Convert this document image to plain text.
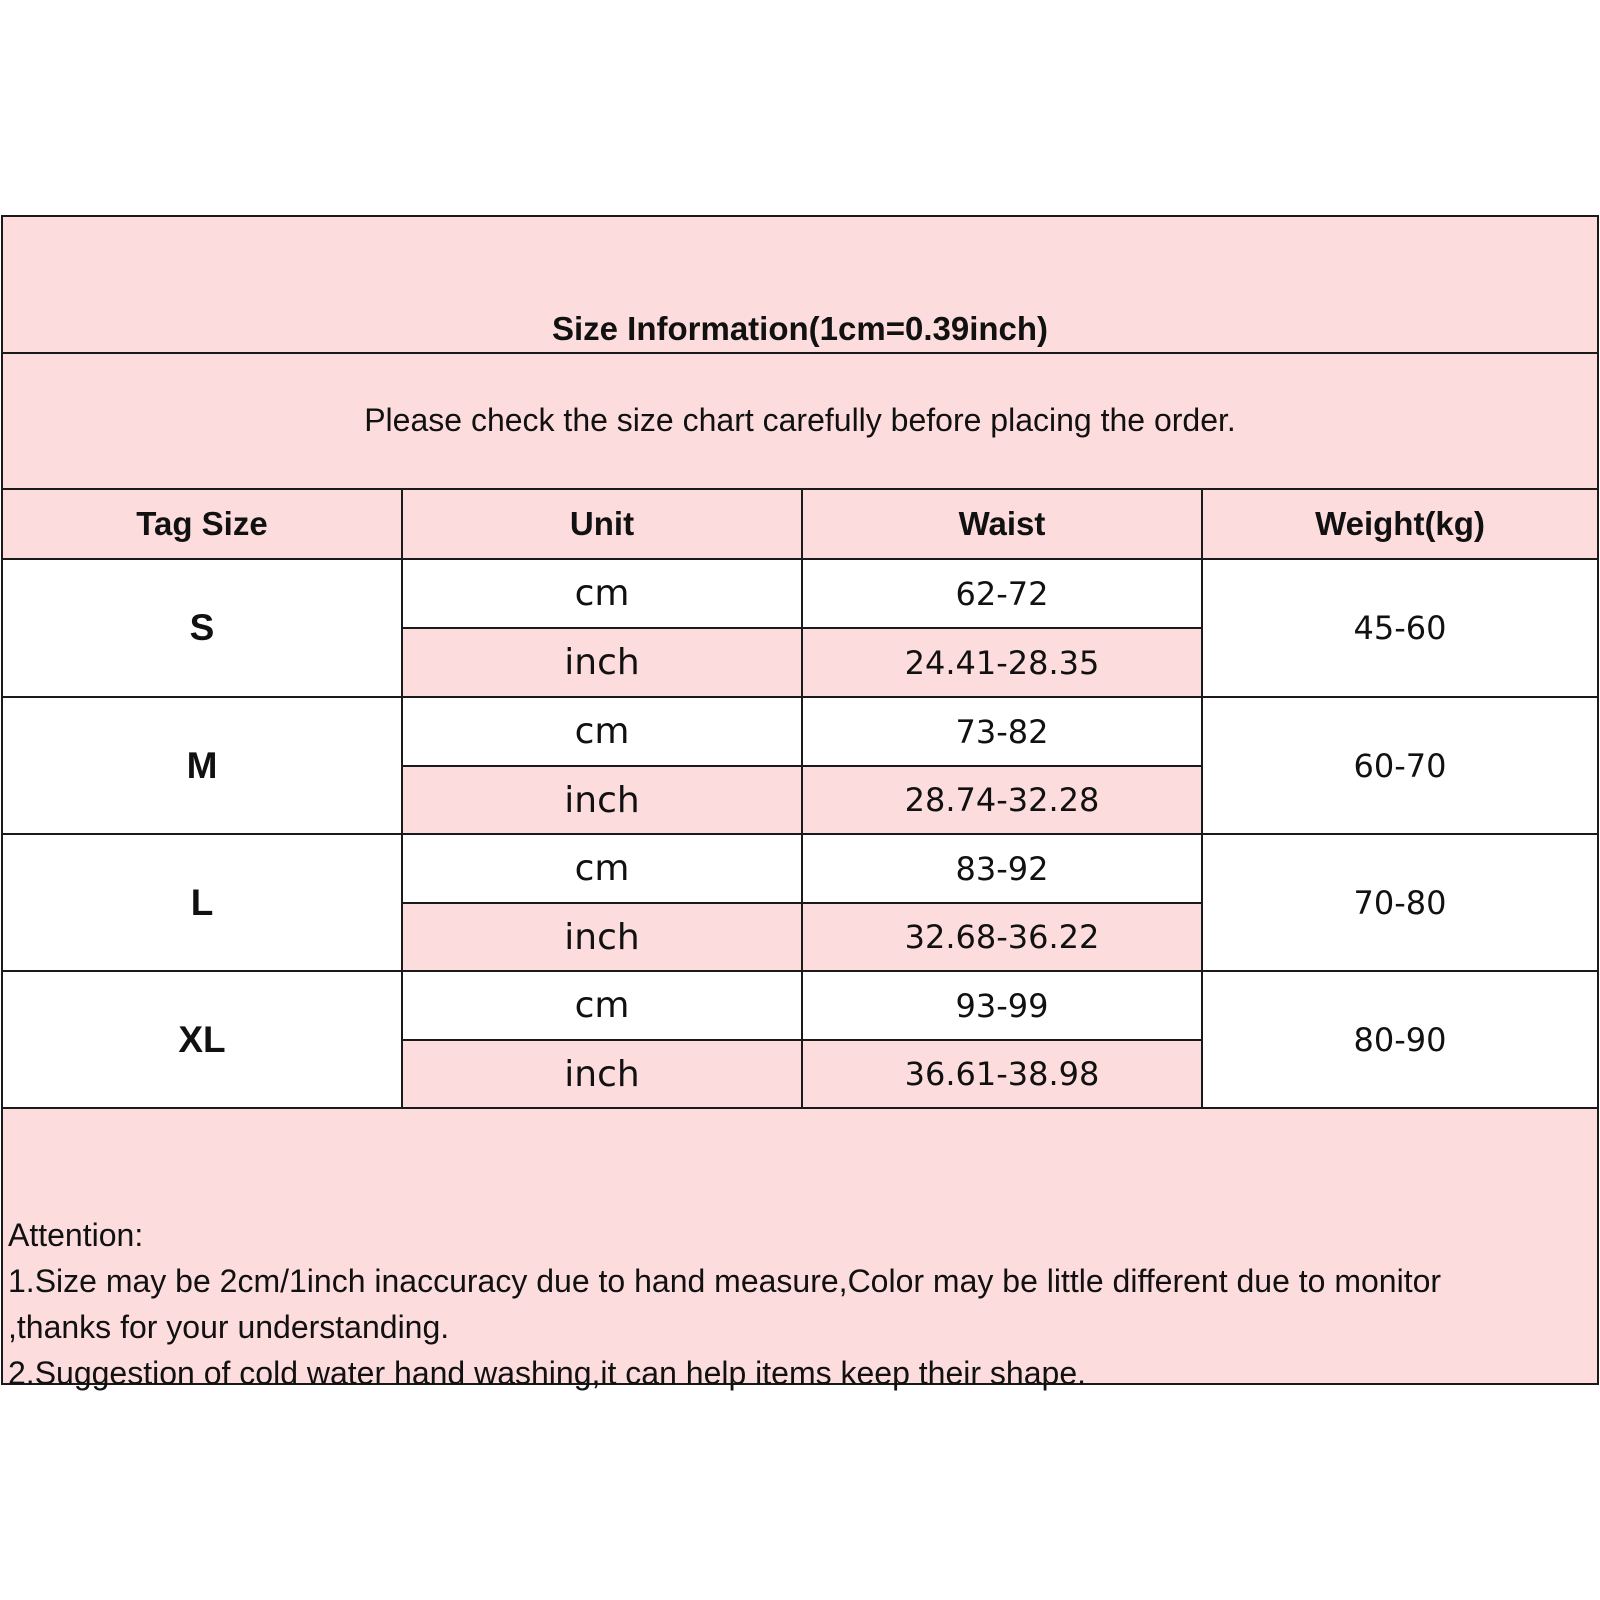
Size Information(1cm=0.39inch)
Please check the size chart carefully before placing the order.
Tag Size	Unit	Waist	Weight(kg)
S
cm	62-72
inch	24.41-28.35
45-60
M
cm	73-82
inch	28.74-32.28
60-70
L
cm	83-92
inch	32.68-36.22
70-80
XL
cm	93-99
inch	36.61-38.98
80-90
Attention:
1.Size may be 2cm/1inch inaccuracy due to hand measure,Color may be little different due to monitor
,thanks for your understanding.
2.Suggestion of cold water hand washing,it can help items keep their shape.
